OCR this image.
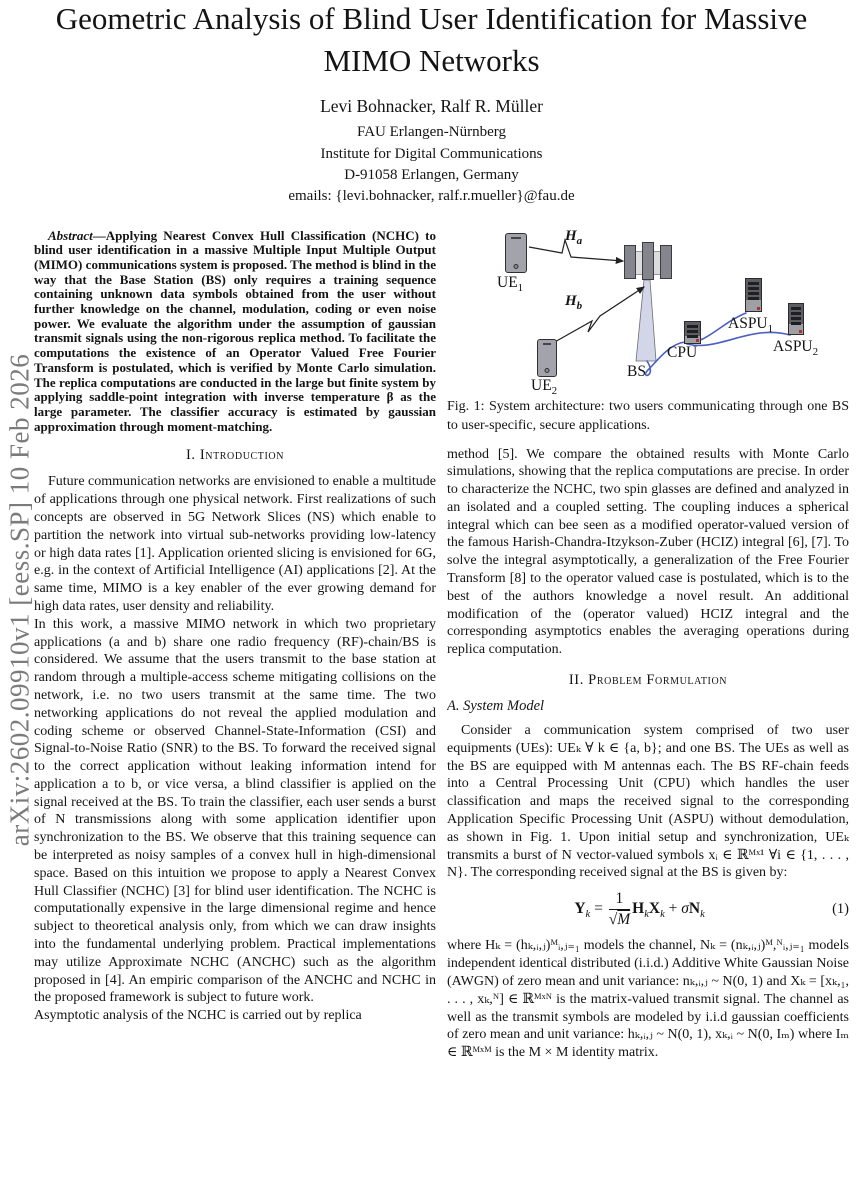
arXiv:2602.09910v1 [eess.SP] 10 Feb 2026
Geometric Analysis of Blind User Identification for Massive MIMO Networks
Levi Bohnacker, Ralf R. Müller
FAU Erlangen-Nürnberg
Institute for Digital Communications
D-91058 Erlangen, Germany
emails: {levi.bohnacker, ralf.r.mueller}@fau.de

Abstract—Applying Nearest Convex Hull Classification (NCHC) to blind user identification in a massive Multiple Input Multiple Output (MIMO) communications system is proposed. The method is blind in the way that the Base Station (BS) only requires a training sequence containing unknown data symbols obtained from the user without further knowledge on the channel, modulation, coding or even noise power. We evaluate the algorithm under the assumption of gaussian transmit signals using the non-rigorous replica method. To facilitate the computations the existence of an Operator Valued Free Fourier Transform is postulated, which is verified by Monte Carlo simulation. The replica computations are conducted in the large but finite system by applying saddle-point integration with inverse temperature β as the large parameter. The classifier accuracy is estimated by gaussian approximation through moment-matching.

I. Introduction

Future communication networks are envisioned to enable a multitude of applications through one physical network. First realizations of such concepts are observed in 5G Network Slices (NS) which enable to partition the network into virtual sub-networks providing low-latency or high data rates [1]. Application oriented slicing is envisioned for 6G, e.g. in the context of Artificial Intelligence (AI) applications [2]. At the same time, MIMO is a key enabler of the ever growing demand for high data rates, user density and reliability.

In this work, a massive MIMO network in which two proprietary applications (a and b) share one radio frequency (RF)-chain/BS is considered. We assume that the users transmit to the base station at random through a multiple-access scheme mitigating collisions on the network, i.e. no two users transmit at the same time. The two networking applications do not reveal the applied modulation and coding scheme or observed Channel-State-Information (CSI) and Signal-to-Noise Ratio (SNR) to the BS. To forward the received signal to the correct application without leaking information intend for application a to b, or vice versa, a blind classifier is applied on the signal received at the BS. To train the classifier, each user sends a burst of N transmissions along with some application identifier upon synchronization to the BS. We observe that this training sequence can be interpreted as noisy samples of a convex hull in high-dimensional space. Based on this intuition we propose to apply a Nearest Convex Hull Classifier (NCHC) [3] for blind user identification. The NCHC is computationally expensive in the large dimensional regime and hence subject to theoretical analysis only, from which we can draw insights into the fundamental underlying problem. Practical implementations may utilize Approximate NCHC (ANCHC) such as the algorithm proposed in [4]. An empiric comparison of the ANCHC and NCHC in the proposed framework is subject to future work.

Asymptotic analysis of the NCHC is carried out by replica

$UE_1$
$UE_2$
$H_a$
$H_b$
BS
CPU
$ASPU_1$
$ASPU_2$

Fig. 1: System architecture: two users communicating through one BS to user-specific, secure applications.

method [5]. We compare the obtained results with Monte Carlo simulations, showing that the replica computations are precise. In order to characterize the NCHC, two spin glasses are defined and analyzed in an isolated and a coupled setting. The coupling induces a spherical integral which can bee seen as a modified operator-valued version of the famous Harish-Chandra-Itzykson-Zuber (HCIZ) integral [6], [7]. To solve the integral asymptotically, a generalization of the Free Fourier Transform [8] to the operator valued case is postulated, which is to the best of the authors knowledge a novel result. An additional modification of the (operator valued) HCIZ integral and the corresponding asymptotics enables the averaging operations during replica computation.

II. Problem Formulation
A. System Model

Consider a communication system comprised of two user equipments (UEs): UEₖ ∀ k ∈ {a, b}; and one BS. The UEs as well as the BS are equipped with M antennas each. The BS RF-chain feeds into a Central Processing Unit (CPU) which handles the user classification and maps the received signal to the corresponding Application Specific Processing Unit (ASPU) without demodulation, as shown in Fig. 1. Upon initial setup and synchronization, UEₖ transmits a burst of N vector-valued symbols xᵢ ∈ ℝᴹˣ¹ ∀i ∈ {1, . . . , N}. The corresponding received signal at the BS is given by:

$Y_k = \frac{1}{√M} H_kX_k + \sigma N_k$	(1)

where Hₖ = (hₖ,ᵢ,ⱼ)ᴹᵢ,ⱼ₌₁ models the channel, Nₖ = (nₖ,ᵢ,ⱼ)ᴹ,ᴺᵢ,ⱼ₌₁ models independent identical distributed (i.i.d.) Additive White Gaussian Noise (AWGN) of zero mean and unit variance: nₖ,ᵢ,ⱼ ~ N(0, 1) and Xₖ = [xₖ,₁, . . . , xₖ,ᴺ] ∈ ℝᴹˣᴺ is the matrix-valued transmit signal. The channel as well as the transmit symbols are modeled by i.i.d gaussian coefficients of zero mean and unit variance: hₖ,ᵢ,ⱼ ~ N(0, 1), xₖ,ᵢ ~ N(0, Iₘ) where Iₘ ∈ ℝᴹˣᴹ is the M × M identity matrix.
